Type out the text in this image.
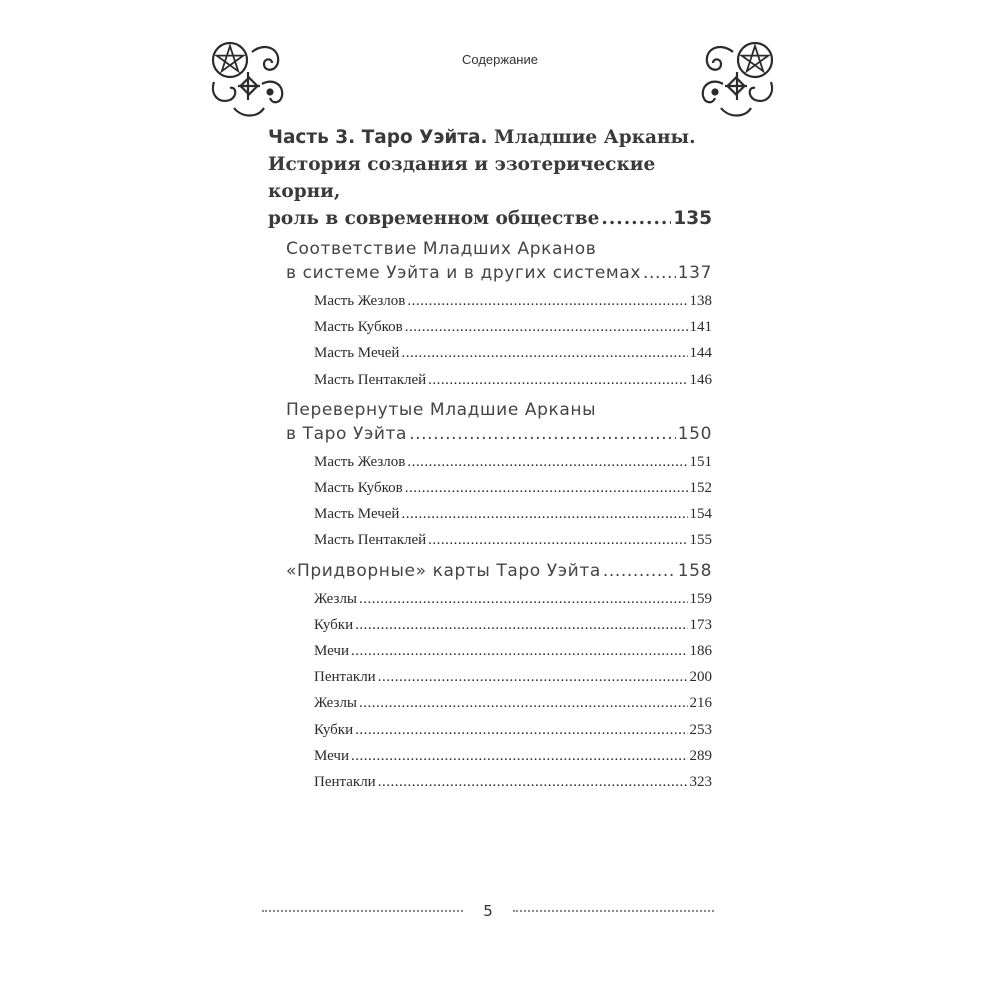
Содержание
Часть 3. Таро Уэйта. Младшие Арканы.
История создания и эзотерические корни,
роль в современном обществе .....	135
Соответствие Младших Арканов
в системе Уэйта и в других системах ..... 137
Масть Жезлов .....	138
Масть Кубков .....	141
Масть Мечей .....	144
Масть Пентаклей .....	146
Перевернутые Младшие Арканы
в Таро Уэйта .....	150
Масть Жезлов .....	151
Масть Кубков .....	152
Масть Мечей .....	154
Масть Пентаклей .....	155
«Придворные» карты Таро Уэйта .....	158
Жезлы .....	159
Кубки .....	173
Мечи .....	186
Пентакли .....	200
Жезлы .....	216
Кубки .....	253
Мечи .....	289
Пентакли .....	323
5
